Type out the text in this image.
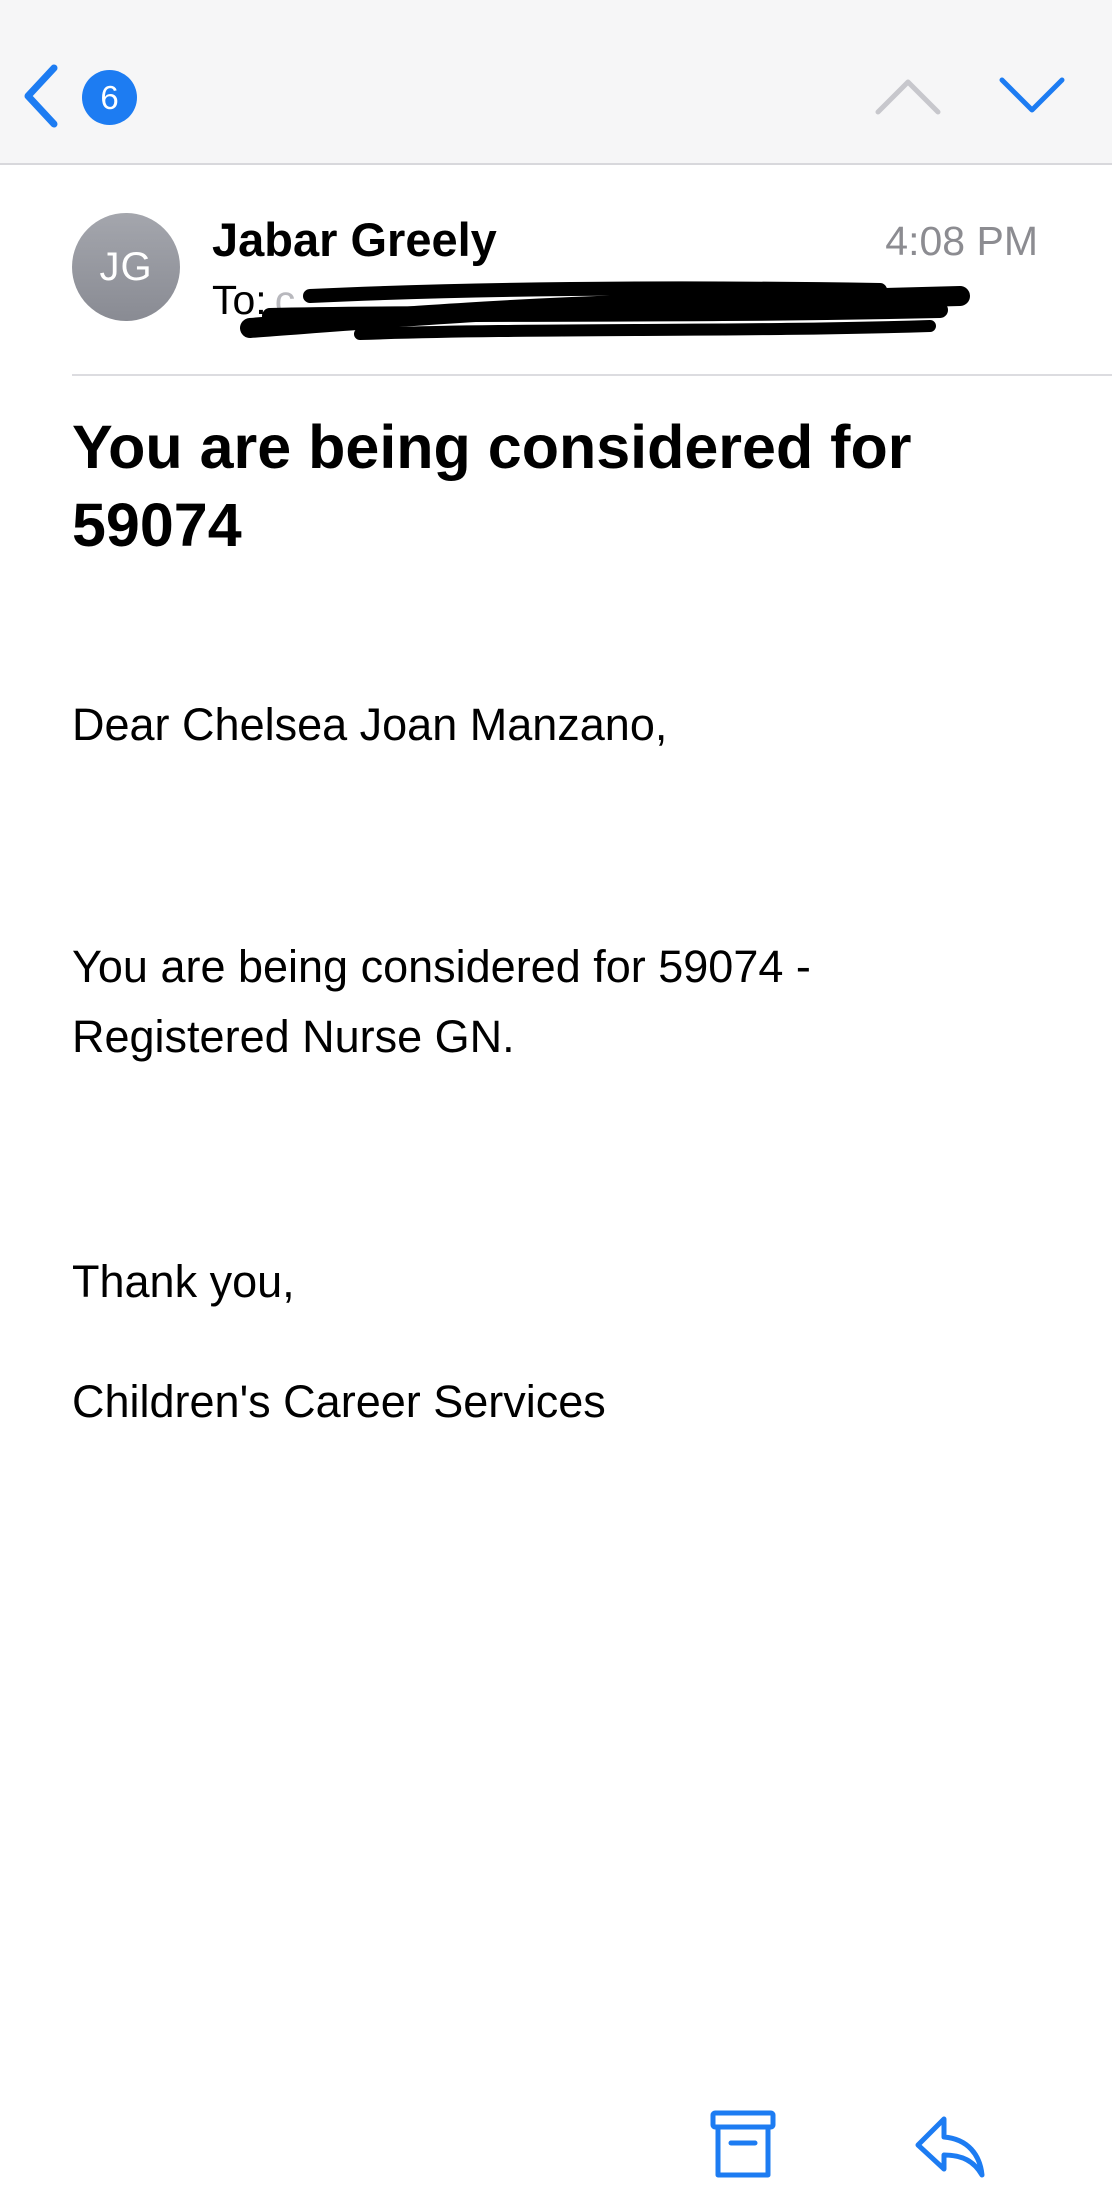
6
JG
Jabar Greely	4:08 PM
To: c.
You are being considered for 59074

Dear Chelsea Joan Manzano,

You are being considered for 59074 - Registered Nurse GN.

Thank you,

Children's Career Services
